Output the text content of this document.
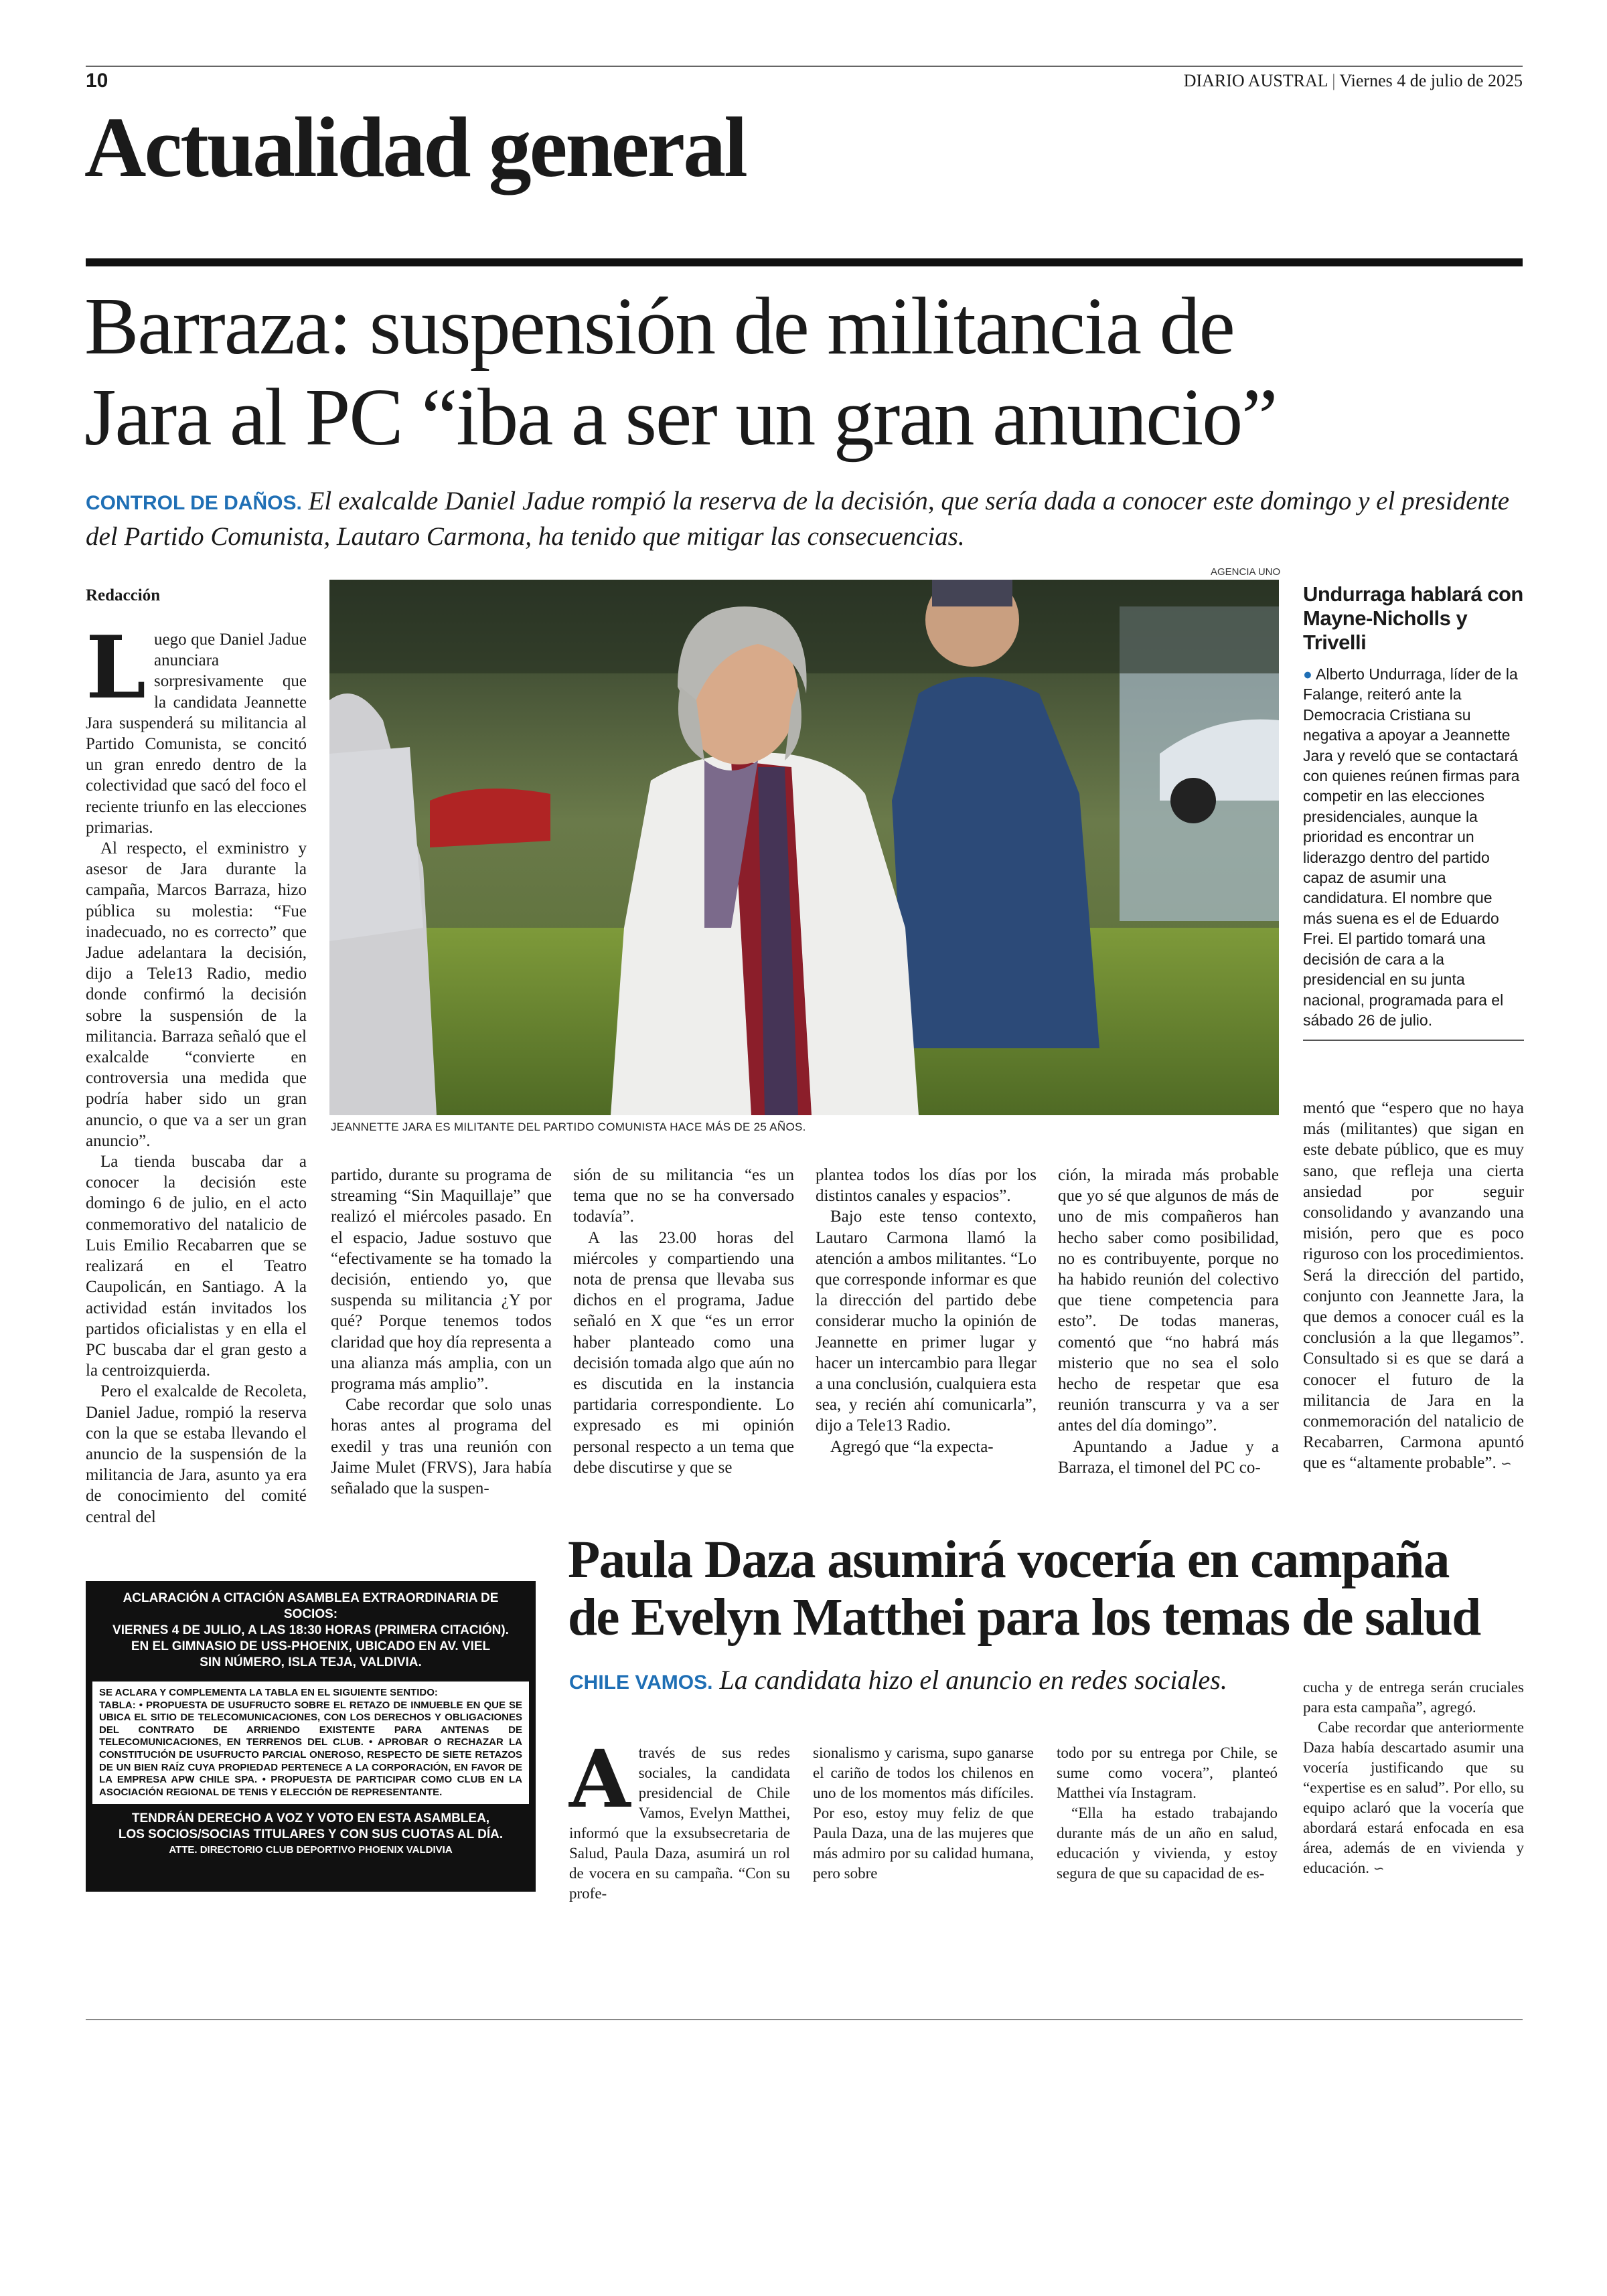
10	DIARIO AUSTRAL | Viernes 4 de julio de 2025
Actualidad general
Barraza: suspensión de militancia de
Jara al PC “iba a ser un gran anuncio”
CONTROL DE DAÑOS. El exalcalde Daniel Jadue rompió la reserva de la decisión, que sería dada a conocer este domingo y el presidente del Partido Comunista, Lautaro Carmona, ha tenido que mitigar las consecuencias.
AGENCIA UNO
Redacción
JEANNETTE JARA ES MILITANTE DEL PARTIDO COMUNISTA HACE MÁS DE 25 AÑOS.

Luego que Daniel Jadue anunciara sorpresivamente que la candidata Jeannette Jara suspenderá su militancia al Partido Comunista, se concitó un gran enredo dentro de la colectividad que sacó del foco el reciente triunfo en las elecciones primarias.

Al respecto, el exministro y asesor de Jara durante la campaña, Marcos Barraza, hizo pública su molestia: “Fue inadecuado, no es correcto” que Jadue adelantara la decisión, dijo a Tele13 Radio, medio donde confirmó la decisión sobre la suspensión de la militancia. Barraza señaló que el exalcalde “convierte en controversia una medida que podría haber sido un gran anuncio, o que va a ser un gran anuncio”.

La tienda buscaba dar a conocer la decisión este domingo 6 de julio, en el acto conmemorativo del natalicio de Luis Emilio Recabarren que se realizará en el Teatro Caupolicán, en Santiago. A la actividad están invitados los partidos oficialistas y en ella el PC buscaba dar el gran gesto a la centroizquierda.

Pero el exalcalde de Recoleta, Daniel Jadue, rompió la reserva con la que se estaba llevando el anuncio de la suspensión de la militancia de Jara, asunto ya era de conocimiento del comité central del

partido, durante su programa de streaming “Sin Maquillaje” que realizó el miércoles pasado. En el espacio, Jadue sostuvo que “efectivamente se ha tomado la decisión, entiendo yo, que suspenda su militancia ¿Y por qué? Porque tenemos todos claridad que hoy día representa a una alianza más amplia, con un programa más amplio”.

Cabe recordar que solo unas horas antes al programa del exedil y tras una reunión con Jaime Mulet (FRVS), Jara había señalado que la suspen-

sión de su militancia “es un tema que no se ha conversado todavía”.

A las 23.00 horas del miércoles y compartiendo una nota de prensa que llevaba sus dichos en el programa, Jadue señaló en X que “es un error haber planteado como una decisión tomada algo que aún no es discutida en la instancia partidaria correspondiente. Lo expresado es mi opinión personal respecto a un tema que debe discutirse y que se

plantea todos los días por los distintos canales y espacios”.

Bajo este tenso contexto, Lautaro Carmona llamó la atención a ambos militantes. “Lo que corresponde informar es que la dirección del partido debe considerar mucho la opinión de Jeannette en primer lugar y hacer un intercambio para llegar a una conclusión, cualquiera esta sea, y recién ahí comunicarla”, dijo a Tele13 Radio.

Agregó que “la expecta-

ción, la mirada más probable que yo sé que algunos de más de uno de mis compañeros han hecho saber como posibilidad, no es contribuyente, porque no ha habido reunión del colectivo que tiene competencia para esto”. De todas maneras, comentó que “no habrá más misterio que no sea el solo hecho de respetar que esa reunión transcurra y va a ser antes del día domingo”.

Apuntando a Jadue y a Barraza, el timonel del PC co-

Undurraga hablará con Mayne-Nicholls y Trivelli
● Alberto Undurraga, líder de la Falange, reiteró ante la Democracia Cristiana su negativa a apoyar a Jeannette Jara y reveló que se contactará con quienes reúnen firmas para competir en las elecciones presidenciales, aunque la prioridad es encontrar un liderazgo dentro del partido capaz de asumir una candidatura. El nombre que más suena es el de Eduardo Frei. El partido tomará una decisión de cara a la presidencial en su junta nacional, programada para el sábado 26 de julio.

mentó que “espero que no haya más (militantes) que sigan en este debate público, que es muy sano, que refleja una cierta ansiedad por seguir consolidando y avanzando una misión, pero que es poco riguroso con los procedimientos. Será la dirección del partido, conjunto con Jeannette Jara, la que demos a conocer cuál es la conclusión a la que llegamos”. Consultado si es que se dará a conocer el futuro de la militancia de Jara en la conmemoración del natalicio de Recabarren, Carmona apuntó que es “altamente probable”. ∽

ACLARACIÓN A CITACIÓN ASAMBLEA EXTRAORDINARIA DE SOCIOS:
VIERNES 4 DE JULIO, A LAS 18:30 HORAS (PRIMERA CITACIÓN).
EN EL GIMNASIO DE USS-PHOENIX, UBICADO EN AV. VIEL
SIN NÚMERO, ISLA TEJA, VALDIVIA.
SE ACLARA Y COMPLEMENTA LA TABLA EN EL SIGUIENTE SENTIDO:
TABLA: • PROPUESTA DE USUFRUCTO SOBRE EL RETAZO DE INMUEBLE EN QUE SE UBICA EL SITIO DE TELECOMUNICACIONES, CON LOS DERECHOS Y OBLIGACIONES DEL CONTRATO DE ARRIENDO EXISTENTE PARA ANTENAS DE TELECOMUNICACIONES, EN TERRENOS DEL CLUB. • APROBAR O RECHAZAR LA CONSTITUCIÓN DE USUFRUCTO PARCIAL ONEROSO, RESPECTO DE SIETE RETAZOS DE UN BIEN RAÍZ CUYA PROPIEDAD PERTENECE A LA CORPORACIÓN, EN FAVOR DE LA EMPRESA APW CHILE SPA. • PROPUESTA DE PARTICIPAR COMO CLUB EN LA ASOCIACIÓN REGIONAL DE TENIS Y ELECCIÓN DE REPRESENTANTE.
TENDRÁN DERECHO A VOZ Y VOTO EN ESTA ASAMBLEA,
LOS SOCIOS/SOCIAS TITULARES Y CON SUS CUOTAS AL DÍA.
ATTE. DIRECTORIO CLUB DEPORTIVO PHOENIX VALDIVIA
Paula Daza asumirá vocería en campaña
de Evelyn Matthei para los temas de salud
CHILE VAMOS. La candidata hizo el anuncio en redes sociales.

Através de sus redes sociales, la candidata presidencial de Chile Vamos, Evelyn Matthei, informó que la exsubsecretaria de Salud, Paula Daza, asumirá un rol de vocera en su campaña. “Con su profe-

sionalismo y carisma, supo ganarse el cariño de todos los chilenos en uno de los momentos más difíciles. Por eso, estoy muy feliz de que Paula Daza, una de las mujeres que más admiro por su calidad humana, pero sobre

todo por su entrega por Chile, se sume como vocera”, planteó Matthei vía Instagram.

“Ella ha estado trabajando durante más de un año en salud, educación y vivienda, y estoy segura de que su capacidad de es-

cucha y de entrega serán cruciales para esta campaña”, agregó.

Cabe recordar que anteriormente Daza había descartado asumir una vocería justificando que su “expertise es en salud”. Por ello, su equipo aclaró que la vocería que abordará estará enfocada en esa área, además de en vivienda y educación. ∽
